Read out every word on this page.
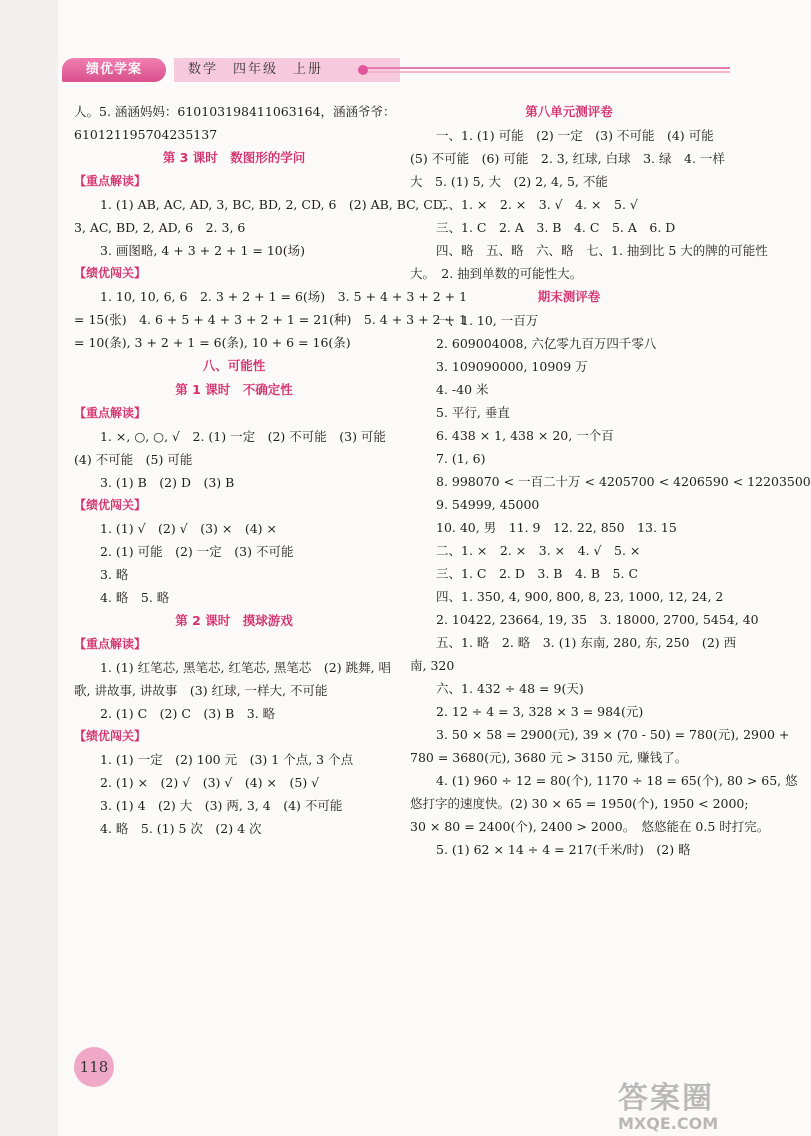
绩优学案	数学　四年级　上册
人。5. 涵涵妈妈：610103198411063164，涵涵爷爷：
610121195704235137
第 3 课时　数图形的学问
【重点解读】
1. (1) AB, AC, AD, 3, BC, BD, 2, CD, 6　(2) AB, BC, CD,
3, AC, BD, 2, AD, 6　2. 3, 6
3. 画图略, 4 + 3 + 2 + 1 = 10(场)
【绩优闯关】
1. 10, 10, 6, 6　2. 3 + 2 + 1 = 6(场)　3. 5 + 4 + 3 + 2 + 1
= 15(张)　4. 6 + 5 + 4 + 3 + 2 + 1 = 21(种)　5. 4 + 3 + 2 + 1
= 10(条), 3 + 2 + 1 = 6(条), 10 + 6 = 16(条)
八、可能性
第 1 课时　不确定性
【重点解读】
1. ×, ○, ○, √　2. (1) 一定　(2) 不可能　(3) 可能
(4) 不可能　(5) 可能
3. (1) B　(2) D　(3) B
【绩优闯关】
1. (1) √　(2) √　(3) ×　(4) ×
2. (1) 可能　(2) 一定　(3) 不可能
3. 略
4. 略　5. 略
第 2 课时　摸球游戏
【重点解读】
1. (1) 红笔芯, 黑笔芯, 红笔芯, 黑笔芯　(2) 跳舞, 唱
歌, 讲故事, 讲故事　(3) 红球, 一样大, 不可能
2. (1) C　(2) C　(3) B　3. 略
【绩优闯关】
1. (1) 一定　(2) 100 元　(3) 1 个点, 3 个点
2. (1) ×　(2) √　(3) √　(4) ×　(5) √
3. (1) 4　(2) 大　(3) 两, 3, 4　(4) 不可能
4. 略　5. (1) 5 次　(2) 4 次
第八单元测评卷
一、1. (1) 可能　(2) 一定　(3) 不可能　(4) 可能
(5) 不可能　(6) 可能　2. 3, 红球, 白球　3. 绿　4. 一样
大　5. (1) 5, 大　(2) 2, 4, 5, 不能
二、1. ×　2. ×　3. √　4. ×　5. √
三、1. C　2. A　3. B　4. C　5. A　6. D
四、略　五、略　六、略　七、1. 抽到比 5 大的牌的可能性
大。　2. 抽到单数的可能性大。
期末测评卷
一、1. 10, 一百万
2. 609004008, 六亿零九百万四千零八
3. 109090000, 10909 万
4. -40 米
5. 平行, 垂直
6. 438 × 1, 438 × 20, 一个百
7. (1, 6)
8. 998070 < 一百二十万 < 4205700 < 4206590 < 12203500
9. 54999, 45000
10. 40, 男　11. 9　12. 22, 850　13. 15
二、1. ×　2. ×　3. ×　4. √　5. ×
三、1. C　2. D　3. B　4. B　5. C
四、1. 350, 4, 900, 800, 8, 23, 1000, 12, 24, 2
2. 10422, 23664, 19, 35　3. 18000, 2700, 5454, 40
五、1. 略　2. 略　3. (1) 东南, 280, 东, 250　(2) 西
南, 320
六、1. 432 ÷ 48 = 9(天)
2. 12 ÷ 4 = 3, 328 × 3 = 984(元)
3. 50 × 58 = 2900(元), 39 × (70 - 50) = 780(元), 2900 +
780 = 3680(元), 3680 元 > 3150 元, 赚钱了。
4. (1) 960 ÷ 12 = 80(个), 1170 ÷ 18 = 65(个), 80 > 65, 悠
悠打字的速度快。(2) 30 × 65 = 1950(个), 1950 < 2000;
30 × 80 = 2400(个), 2400 > 2000。　悠悠能在 0.5 时打完。
5. (1) 62 × 14 ÷ 4 = 217(千米/时)　(2) 略
118
答案圈
MXQE.COM
